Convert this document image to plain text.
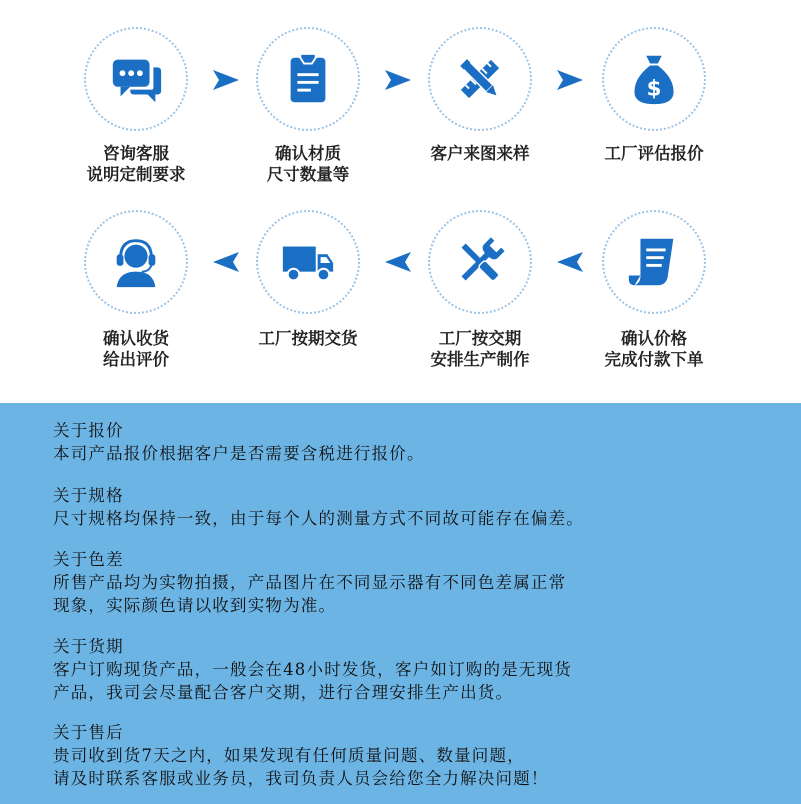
$
咨询客服
说明定制要求
确认材质
尺寸数量等
客户来图来样	工厂评估报价
确认收货
给出评价
工厂按期交货	工厂按交期
安排生产制作
确认价格
完成付款下单
关于报价
本司产品报价根据客户是否需要含税进行报价。
关于规格
尺寸规格均保持一致，由于每个人的测量方式不同故可能存在偏差。
关于色差
所售产品均为实物拍摄，产品图片在不同显示器有不同色差属正常
现象，实际颜色请以收到实物为准。
关于货期
客户订购现货产品，一般会在48小时发货，客户如订购的是无现货
产品，我司会尽量配合客户交期，进行合理安排生产出货。
关于售后
贵司收到货7天之内，如果发现有任何质量问题、数量问题，
请及时联系客服或业务员，我司负责人员会给您全力解决问题！
